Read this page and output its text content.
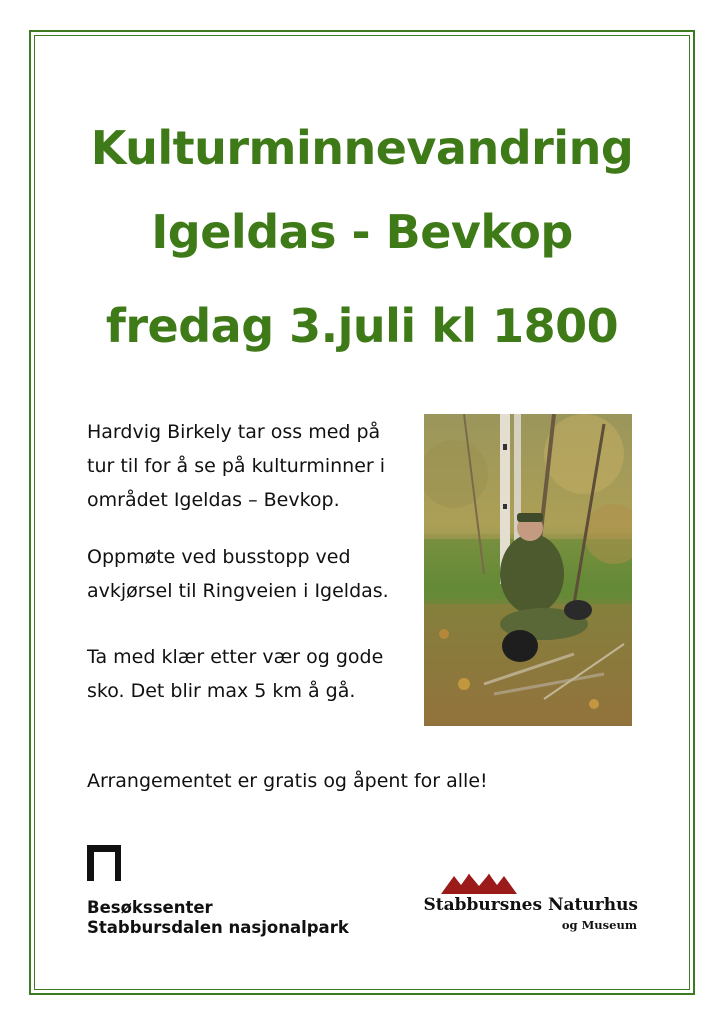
Kulturminnevandring
Igeldas - Bevkop
fredag 3.juli kl 1800
Hardvig Birkely tar oss med på
tur til for å se på kulturminner i
området Igeldas – Bevkop.
Oppmøte ved busstopp ved
avkjørsel til Ringveien i Igeldas.
Ta med klær etter vær og gode
sko. Det blir max 5 km å gå.
Arrangementet er gratis og åpent for alle!
Besøkssenter
Stabbursdalen nasjonalpark
Stabbursnes Naturhus
og Museum
